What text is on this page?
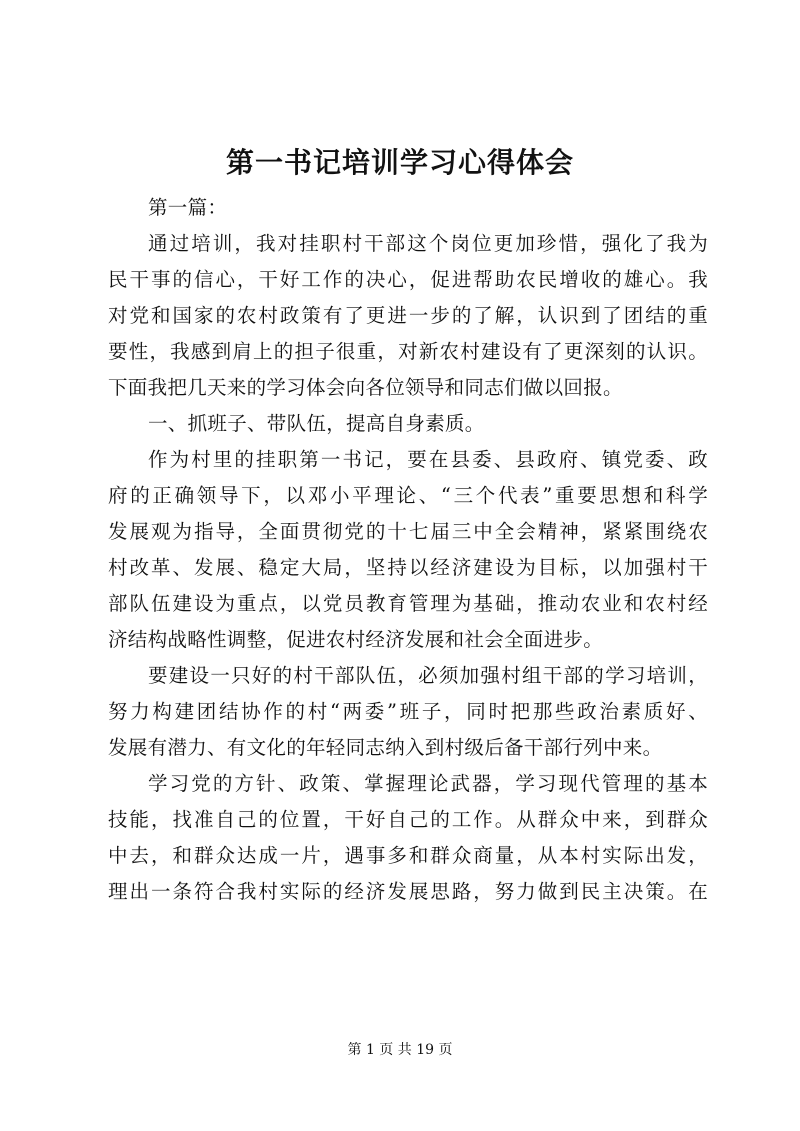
第一书记培训学习心得体会
第一篇：
通过培训，我对挂职村干部这个岗位更加珍惜，强化了我为
民干事的信心，干好工作的决心，促进帮助农民增收的雄心。我
对党和国家的农村政策有了更进一步的了解，认识到了团结的重
要性，我感到肩上的担子很重，对新农村建设有了更深刻的认识。
下面我把几天来的学习体会向各位领导和同志们做以回报。
一、抓班子、带队伍，提高自身素质。
作为村里的挂职第一书记，要在县委、县政府、镇党委、政
府的正确领导下，以邓小平理论、“三个代表”重要思想和科学
发展观为指导，全面贯彻党的十七届三中全会精神，紧紧围绕农
村改革、发展、稳定大局，坚持以经济建设为目标，以加强村干
部队伍建设为重点，以党员教育管理为基础，推动农业和农村经
济结构战略性调整，促进农村经济发展和社会全面进步。
要建设一只好的村干部队伍，必须加强村组干部的学习培训，
努力构建团结协作的村“两委”班子，同时把那些政治素质好、
发展有潜力、有文化的年轻同志纳入到村级后备干部行列中来。
学习党的方针、政策、掌握理论武器，学习现代管理的基本
技能，找准自己的位置，干好自己的工作。从群众中来，到群众
中去，和群众达成一片，遇事多和群众商量，从本村实际出发，
理出一条符合我村实际的经济发展思路，努力做到民主决策。在
第 1 页 共 19 页
